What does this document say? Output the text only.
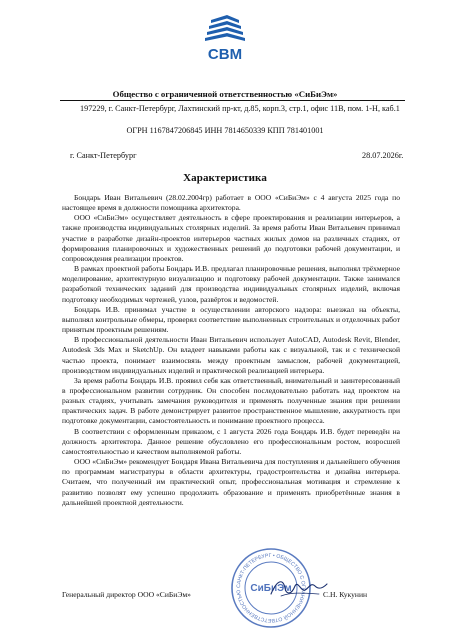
СВМ
Общество с ограниченной ответственностью «СиБиЭм»
197229, г. Санкт-Петербург, Лахтинский пр-кт, д.85, корп.3, стр.1, офис 11В, пом. 1-Н, каб.1
ОГРН 1167847206845 ИНН 7814650339 КПП 781401001
г. Санкт-Петербург	28.07.2026г.
Характеристика

Бондарь Иван Витальевич (28.02.2004гр) работает в ООО «СиБиЭм» с 4 августа 2025 года по настоящее время в должности помощника архитектора.

ООО «СиБиЭм» осуществляет деятельность в сфере проектирования и реализации интерьеров, а также производства индивидуальных столярных изделий. За время работы Иван Витальевич принимал участие в разработке дизайн-проектов интерьеров частных жилых домов на различных стадиях, от формирования планировочных и художественных решений до подготовки рабочей документации, и сопровождения реализации проектов.

В рамках проектной работы Бондарь И.В. предлагал планировочные решения, выполнял трёхмерное моделирование, архитектурную визуализацию и подготовку рабочей документации. Также занимался разработкой технических заданий для производства индивидуальных столярных изделий, включая подготовку необходимых чертежей, узлов, развёрток и ведомостей.

Бондарь И.В. принимал участие в осуществлении авторского надзора: выезжал на объекты, выполнял контрольные обмеры, проверял соответствие выполненных строительных и отделочных работ принятым проектным решениям.

В профессиональной деятельности Иван Витальевич использует AutoCAD, Autodesk Revit, Blender, Autodesk 3ds Max и SketchUp. Он владеет навыками работы как с визуальной, так и с технической частью проекта, понимает взаимосвязь между проектным замыслом, рабочей документацией, производством индивидуальных изделий и практической реализацией интерьера.

За время работы Бондарь И.В. проявил себя как ответственный, внимательный и заинтересованный в профессиональном развитии сотрудник. Он способен последовательно работать над проектом на разных стадиях, учитывать замечания руководителя и применять полученные знания при решении практических задач. В работе демонстрирует развитое пространственное мышление, аккуратность при подготовке документации, самостоятельность и понимание проектного процесса.

В соответствии с оформленным приказом, с 1 августа 2026 года Бондарь И.В. будет переведён на должность архитектора. Данное решение обусловлено его профессиональным ростом, возросшей самостоятельностью и качеством выполняемой работы.

ООО «СиБиЭм» рекомендует Бондаря Ивана Витальевича для поступления и дальнейшего обучения по программам магистратуры в области архитектуры, градостроительства и дизайна интерьера. Считаем, что полученный им практический опыт, профессиональная мотивация и стремление к развитию позволят ему успешно продолжить образование и применять приобретённые знания в дальнейшей проектной деятельности.

Генеральный директор ООО «СиБиЭм»	С.Н. Кукунин
САНКТ-ПЕТЕРБУРГ • ОБЩЕСТВО С ОГРАНИЧЕННОЙ ОТВЕТСТВЕННОСТЬЮ СиБиЭм
